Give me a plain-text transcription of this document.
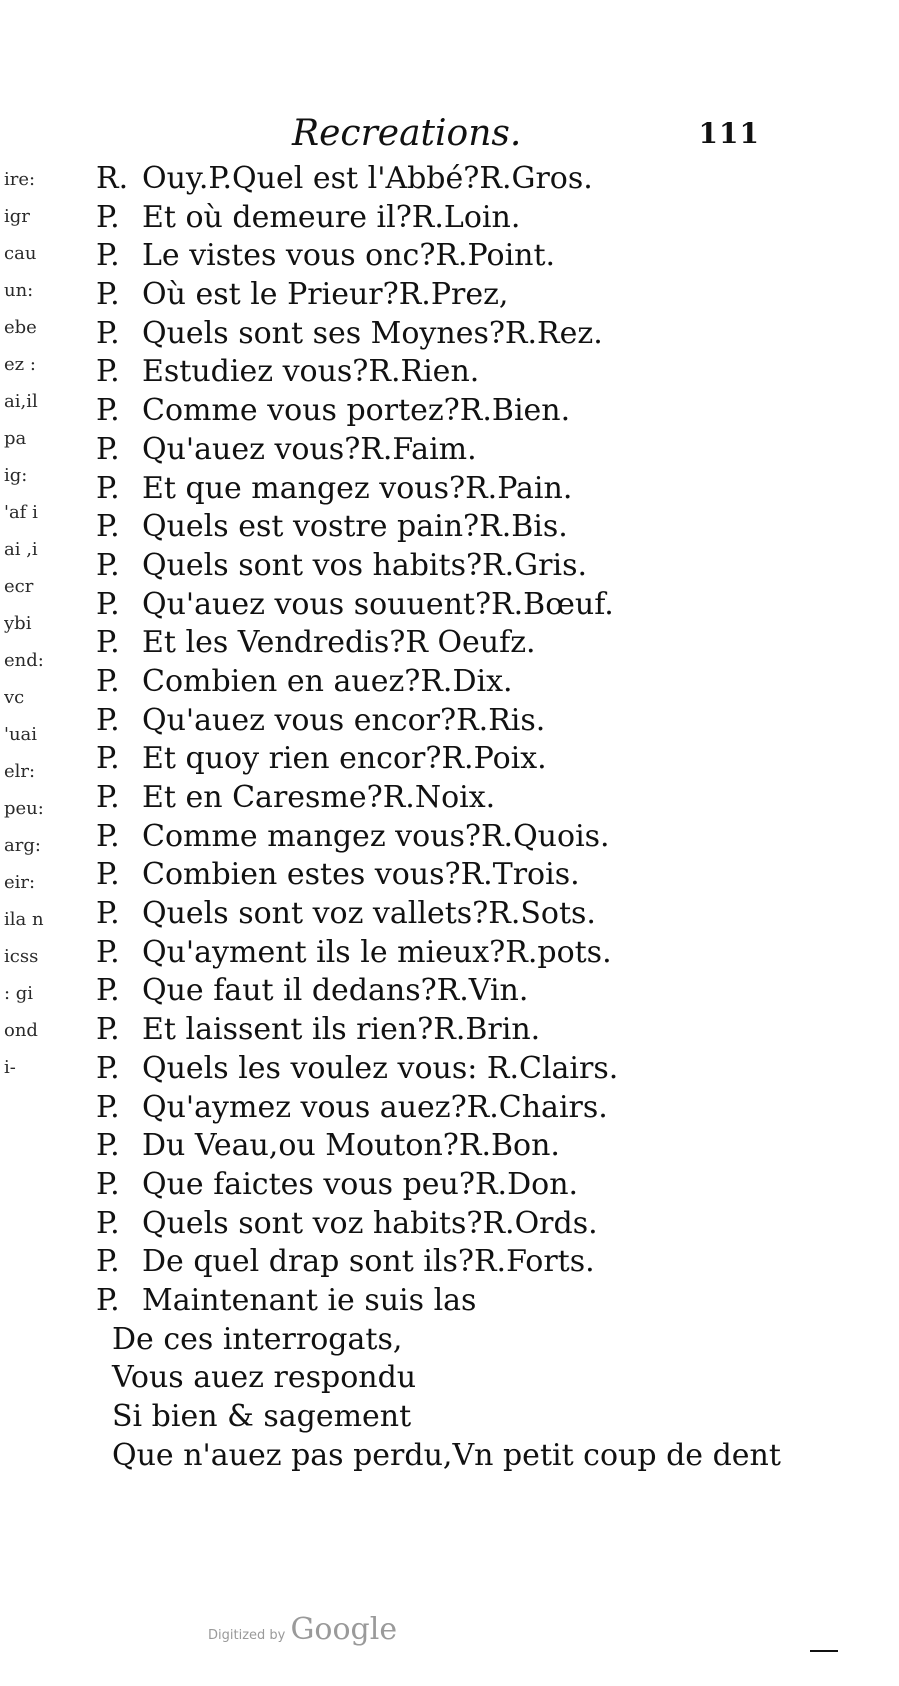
ire:
igr
cau
un:
ebe
ez :
ai,il
pa
ig:
'af i
ai ,i
ecr
ybi
end:
vc
'uai
elr:
peu:
arg:
eir:
ila n
icss
: gi
ond
i-
Recreations.	111
R. Ouy.P.Quel est l'Abbé?R.Gros.
P. Et où demeure il?R.Loin.
P. Le vistes vous onc?R.Point.
P. Où est le Prieur?R.Prez,
P. Quels sont ses Moynes?R.Rez.
P. Estudiez vous?R.Rien.
P. Comme vous portez?R.Bien.
P. Qu'auez vous?R.Faim.
P. Et que mangez vous?R.Pain.
P. Quels est vostre pain?R.Bis.
P. Quels sont vos habits?R.Gris.
P. Qu'auez vous souuent?R.Bœuf.
P. Et les Vendredis?R Oeufz.
P. Combien en auez?R.Dix.
P. Qu'auez vous encor?R.Ris.
P. Et quoy rien encor?R.Poix.
P. Et en Caresme?R.Noix.
P. Comme mangez vous?R.Quois.
P. Combien estes vous?R.Trois.
P. Quels sont voz vallets?R.Sots.
P. Qu'ayment ils le mieux?R.pots.
P. Que faut il dedans?R.Vin.
P. Et laissent ils rien?R.Brin.
P. Quels les voulez vous: R.Clairs.
P. Qu'aymez vous auez?R.Chairs.
P. Du Veau,ou Mouton?R.Bon.
P. Que faictes vous peu?R.Don.
P. Quels sont voz habits?R.Ords.
P. De quel drap sont ils?R.Forts.
P. Maintenant ie suis las
De ces interrogats,
Vous auez respondu
Si bien & sagement
Que n'auez pas perdu,Vn petit coup de dent
Digitized by Google
